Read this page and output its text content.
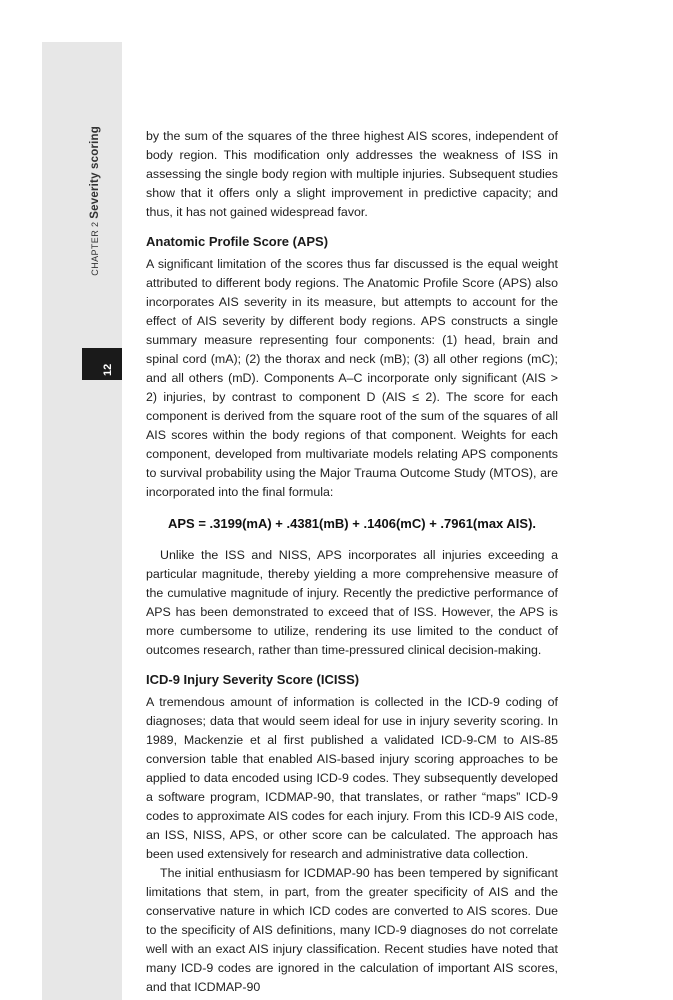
CHAPTER 2 Severity scoring
12

by the sum of the squares of the three highest AIS scores, independent of body region. This modification only addresses the weakness of ISS in assessing the single body region with multiple injuries. Subsequent studies show that it offers only a slight improvement in predictive capacity; and thus, it has not gained widespread favor.

Anatomic Profile Score (APS)

A significant limitation of the scores thus far discussed is the equal weight attributed to different body regions. The Anatomic Profile Score (APS) also incorporates AIS severity in its measure, but attempts to account for the effect of AIS severity by different body regions. APS constructs a single summary measure representing four components: (1) head, brain and spinal cord (mA); (2) the thorax and neck (mB); (3) all other regions (mC); and all others (mD). Components A–C incorporate only significant (AIS > 2) injuries, by contrast to component D (AIS ≤ 2). The score for each component is derived from the square root of the sum of the squares of all AIS scores within the body regions of that component. Weights for each component, developed from multivariate models relating APS components to survival probability using the Major Trauma Outcome Study (MTOS), are incorporated into the final formula:

APS = .3199(mA) + .4381(mB) + .1406(mC) + .7961(max AIS).

Unlike the ISS and NISS, APS incorporates all injuries exceeding a particular magnitude, thereby yielding a more comprehensive measure of the cumulative magnitude of injury. Recently the predictive performance of APS has been demonstrated to exceed that of ISS. However, the APS is more cumbersome to utilize, rendering its use limited to the conduct of outcomes research, rather than time-pressured clinical decision-making.

ICD-9 Injury Severity Score (ICISS)

A tremendous amount of information is collected in the ICD-9 coding of diagnoses; data that would seem ideal for use in injury severity scoring. In 1989, Mackenzie et al first published a validated ICD-9-CM to AIS-85 conversion table that enabled AIS-based injury scoring approaches to be applied to data encoded using ICD-9 codes. They subsequently developed a software program, ICDMAP-90, that translates, or rather “maps” ICD-9 codes to approximate AIS codes for each injury. From this ICD-9 AIS code, an ISS, NISS, APS, or other score can be calculated. The approach has been used extensively for research and administrative data collection.

The initial enthusiasm for ICDMAP-90 has been tempered by significant limitations that stem, in part, from the greater specificity of AIS and the conservative nature in which ICD codes are converted to AIS scores. Due to the specificity of AIS definitions, many ICD-9 diagnoses do not correlate well with an exact AIS injury classification. Recent studies have noted that many ICD-9 codes are ignored in the calculation of important AIS scores, and that ICDMAP-90
